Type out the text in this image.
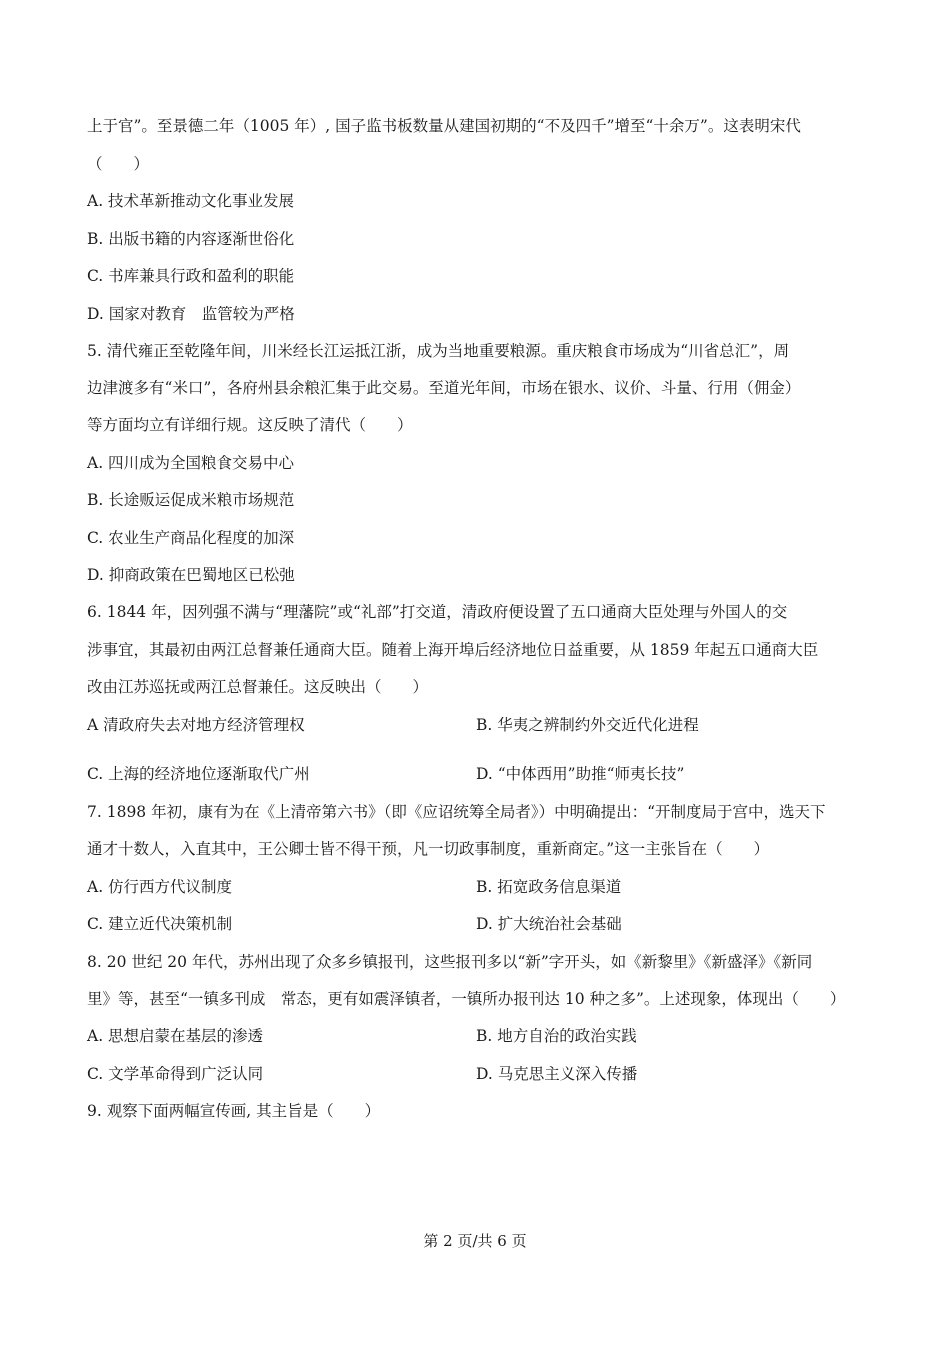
上于官”。至景德二年（1005 年）, 国子监书板数量从建国初期的“不及四千”增至“十余万”。这表明宋代
（　　）
A. 技术革新推动文化事业发展
B. 出版书籍的内容逐渐世俗化
C. 书库兼具行政和盈利的职能
D. 国家对教育　监管较为严格
5. 清代雍正至乾隆年间，川米经长江运抵江浙，成为当地重要粮源。重庆粮食市场成为“川省总汇”，周
边津渡多有“米口”，各府州县余粮汇集于此交易。至道光年间，市场在银水、议价、斗量、行用（佣金）
等方面均立有详细行规。这反映了清代（　　）
A. 四川成为全国粮食交易中心
B. 长途贩运促成米粮市场规范
C. 农业生产商品化程度的加深
D. 抑商政策在巴蜀地区已松弛
6. 1844 年，因列强不满与“理藩院”或“礼部”打交道，清政府便设置了五口通商大臣处理与外国人的交
涉事宜，其最初由两江总督兼任通商大臣。随着上海开埠后经济地位日益重要，从 1859 年起五口通商大臣
改由江苏巡抚或两江总督兼任。这反映出（　　）
A 清政府失去对地方经济管理权	B. 华夷之辨制约外交近代化进程
C. 上海的经济地位逐渐取代广州	D. “中体西用”助推“师夷长技”
7. 1898 年初，康有为在《上清帝第六书》（即《应诏统筹全局者》）中明确提出：“开制度局于宫中，选天下
通才十数人，入直其中，王公卿士皆不得干预，凡一切政事制度，重新商定。”这一主张旨在（　　）
A. 仿行西方代议制度	B. 拓宽政务信息渠道
C. 建立近代决策机制	D. 扩大统治社会基础
8. 20 世纪 20 年代，苏州出现了众多乡镇报刊，这些报刊多以“新”字开头，如《新黎里》《新盛泽》《新同
里》等，甚至“一镇多刊成　常态，更有如震泽镇者，一镇所办报刊达 10 种之多”。上述现象，体现出（　　）
A. 思想启蒙在基层的渗透	B. 地方自治的政治实践
C. 文学革命得到广泛认同	D. 马克思主义深入传播
9. 观察下面两幅宣传画, 其主旨是（　　）
第 2 页/共 6 页
